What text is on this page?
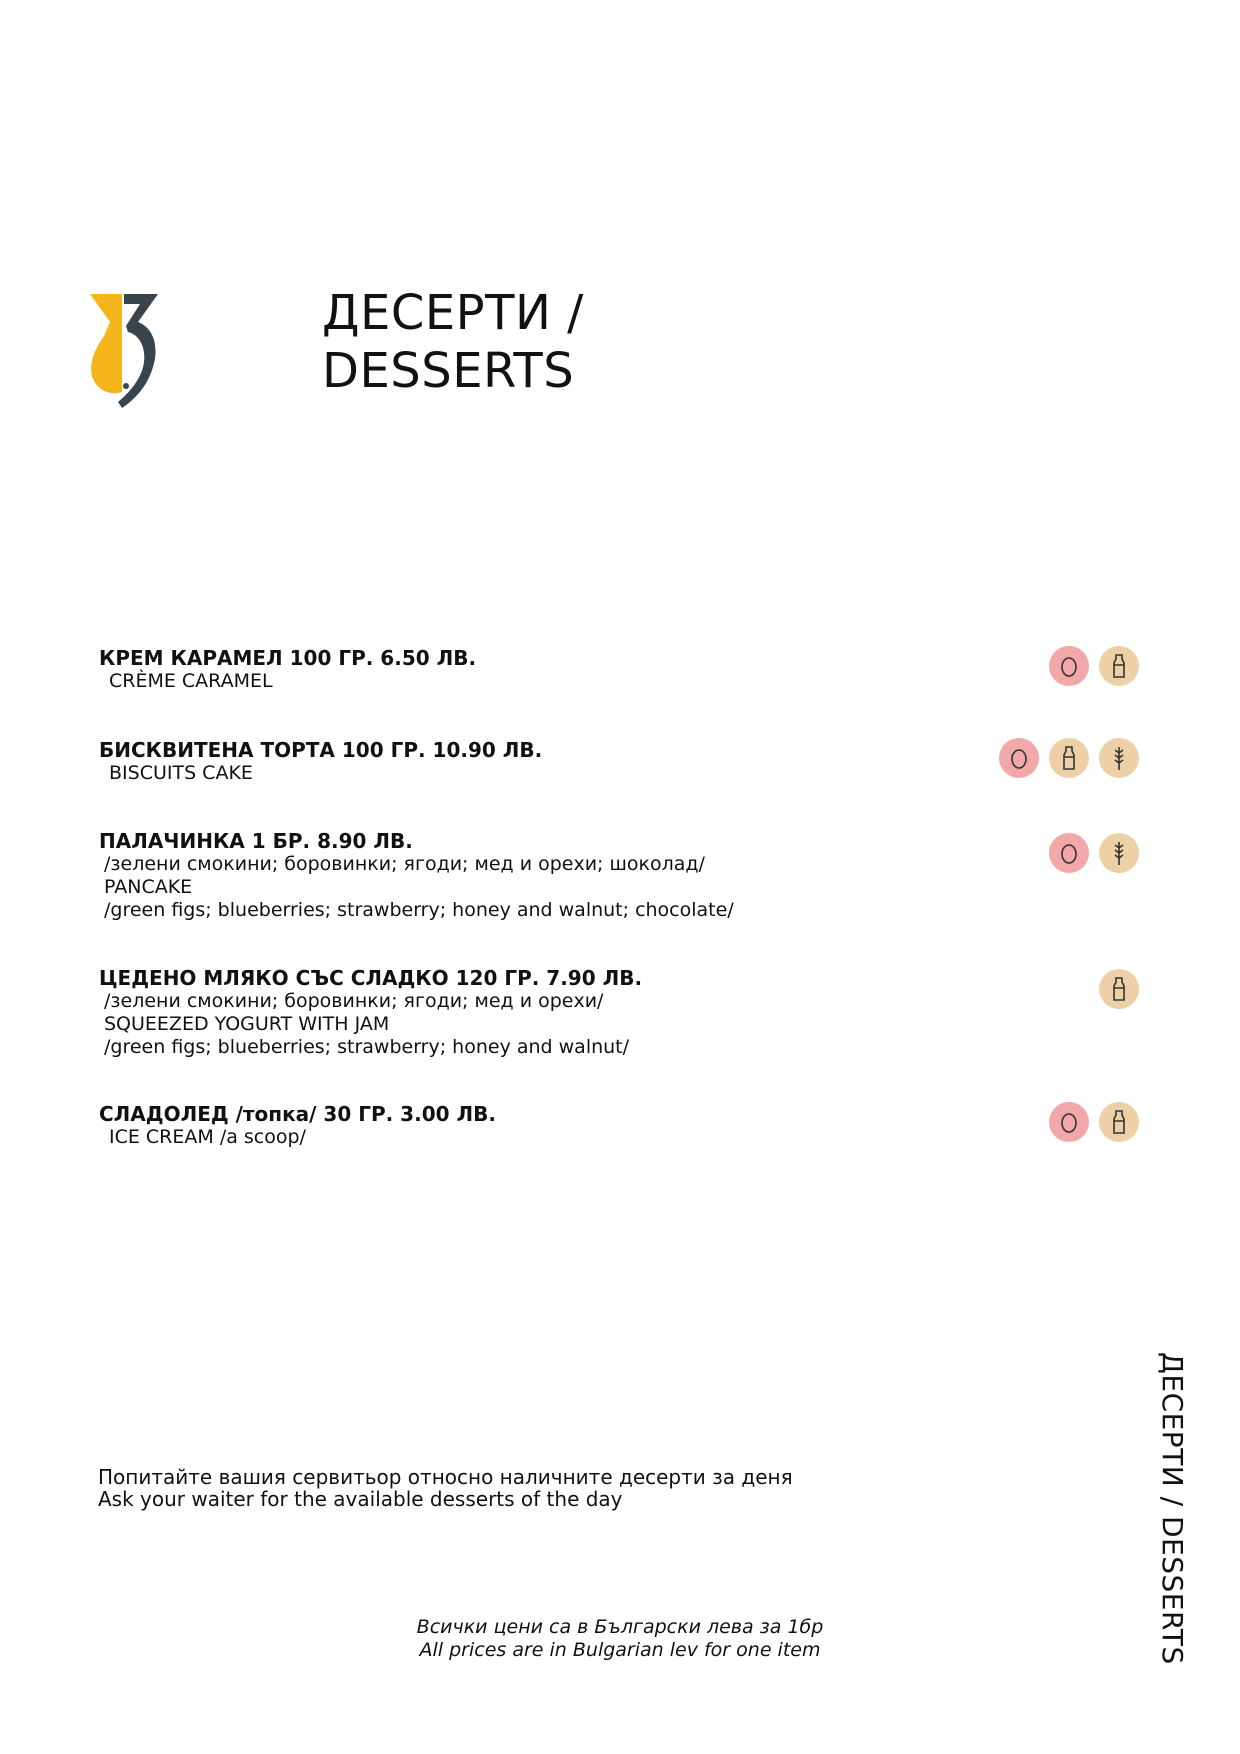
ДЕСЕРТИ /
DESSERTS
КРЕМ КАРАМЕЛ 100 ГР. 6.50 ЛВ.
CRÈME CARAMEL
БИСКВИТЕНА ТОРТА 100 ГР. 10.90 ЛВ.
BISCUITS CAKE
ПАЛАЧИНКА 1 БР. 8.90 ЛВ.
/зелени смокини; боровинки; ягоди; мед и орехи; шоколад/
PANCAKE
/green figs; blueberries; strawberry; honey and walnut; chocolate/
ЦЕДЕНО МЛЯКО СЪС СЛАДКО 120 ГР. 7.90 ЛВ.
/зелени смокини; боровинки; ягоди; мед и орехи/
SQUEEZED YOGURT WITH JAM
/green figs; blueberries; strawberry; honey and walnut/
СЛАДОЛЕД /топка/ 30 ГР. 3.00 ЛВ.
ICE CREAM /a scoop/
Попитайте вашия сервитьор относно наличните десерти за деня
Ask your waiter for the available desserts of the day
Всички цени са в Български лева за 1бр
All prices are in Bulgarian lev for one item	ДЕСЕРТИ / DESSERTS
